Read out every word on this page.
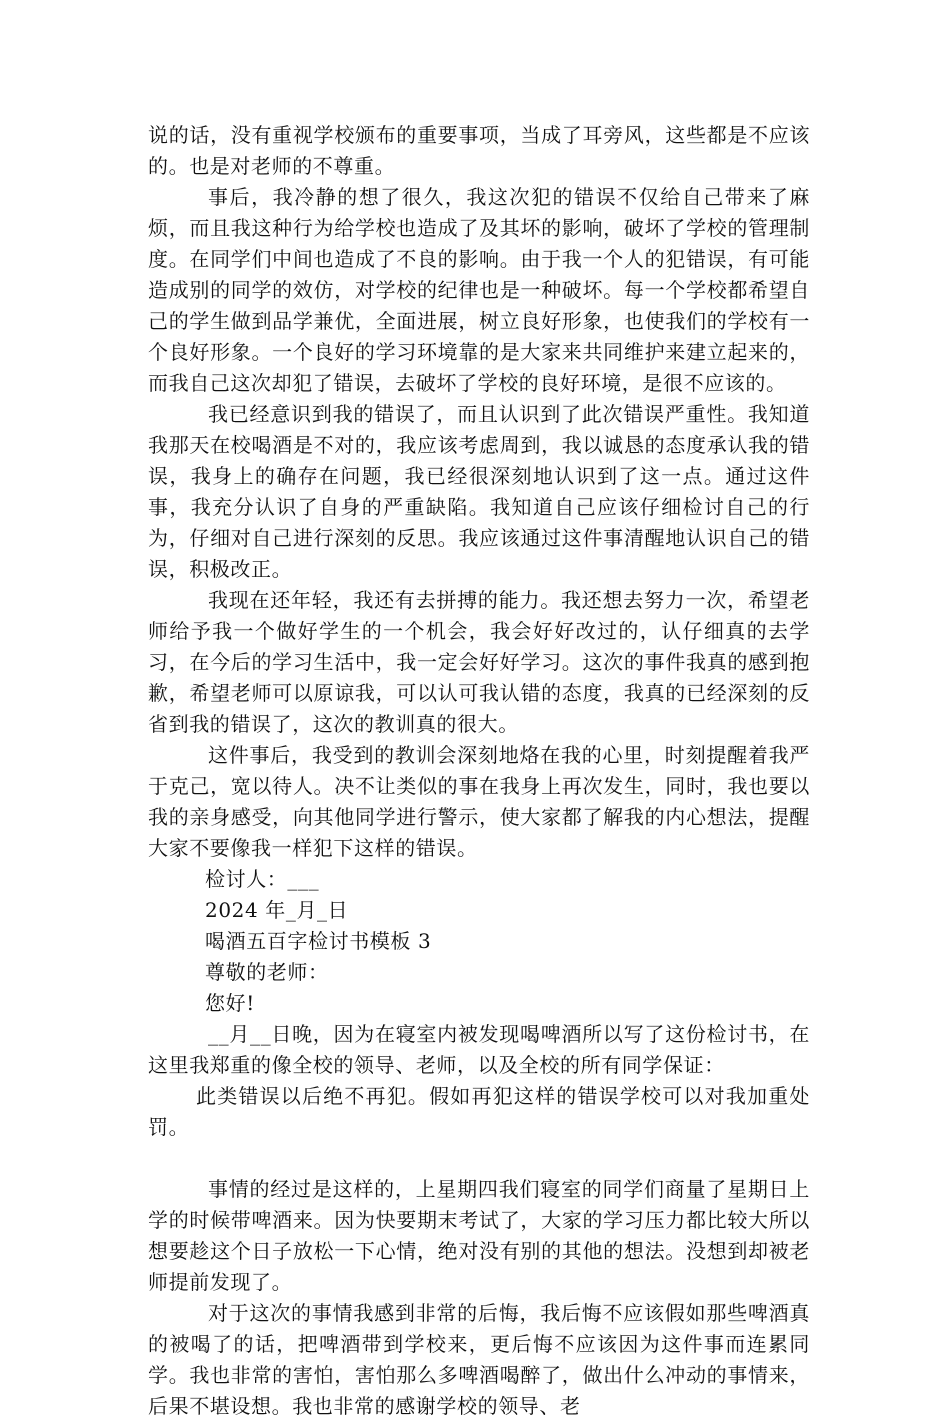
说的话，没有重视学校颁布的重要事项，当成了耳旁风，这些都是不应该的。也是对老师的不尊重。

事后，我冷静的想了很久，我这次犯的错误不仅给自己带来了麻烦，而且我这种行为给学校也造成了及其坏的影响，破坏了学校的管理制度。在同学们中间也造成了不良的影响。由于我一个人的犯错误，有可能造成别的同学的效仿，对学校的纪律也是一种破坏。每一个学校都希望自己的学生做到品学兼优，全面进展，树立良好形象，也使我们的学校有一个良好形象。一个良好的学习环境靠的是大家来共同维护来建立起来的，而我自己这次却犯了错误，去破坏了学校的良好环境，是很不应该的。

我已经意识到我的错误了，而且认识到了此次错误严重性。我知道我那天在校喝酒是不对的，我应该考虑周到，我以诚恳的态度承认我的错误，我身上的确存在问题，我已经很深刻地认识到了这一点。通过这件事，我充分认识了自身的严重缺陷。我知道自己应该仔细检讨自己的行为，仔细对自己进行深刻的反思。我应该通过这件事清醒地认识自己的错误，积极改正。

我现在还年轻，我还有去拼搏的能力。我还想去努力一次，希望老师给予我一个做好学生的一个机会，我会好好改过的，认仔细真的去学习，在今后的学习生活中，我一定会好好学习。这次的事件我真的感到抱歉，希望老师可以原谅我，可以认可我认错的态度，我真的已经深刻的反省到我的错误了，这次的教训真的很大。

这件事后，我受到的教训会深刻地烙在我的心里，时刻提醒着我严于克己，宽以待人。决不让类似的事在我身上再次发生，同时，我也要以我的亲身感受，向其他同学进行警示，使大家都了解我的内心想法，提醒大家不要像我一样犯下这样的错误。

检讨人：___

2024 年_月_日

喝酒五百字检讨书模板 3

尊敬的老师：

您好!

__月__日晚，因为在寝室内被发现喝啤酒所以写了这份检讨书，在这里我郑重的像全校的领导、老师，以及全校的所有同学保证：

此类错误以后绝不再犯。假如再犯这样的错误学校可以对我加重处罚。

事情的经过是这样的，上星期四我们寝室的同学们商量了星期日上学的时候带啤酒来。因为快要期末考试了，大家的学习压力都比较大所以想要趁这个日子放松一下心情，绝对没有别的其他的想法。没想到却被老师提前发现了。

对于这次的事情我感到非常的后悔，我后悔不应该假如那些啤酒真的被喝了的话，把啤酒带到学校来，更后悔不应该因为这件事而连累同学。我也非常的害怕，害怕那么多啤酒喝醉了，做出什么冲动的事情来，后果不堪设想。我也非常的感谢学校的领导、老
